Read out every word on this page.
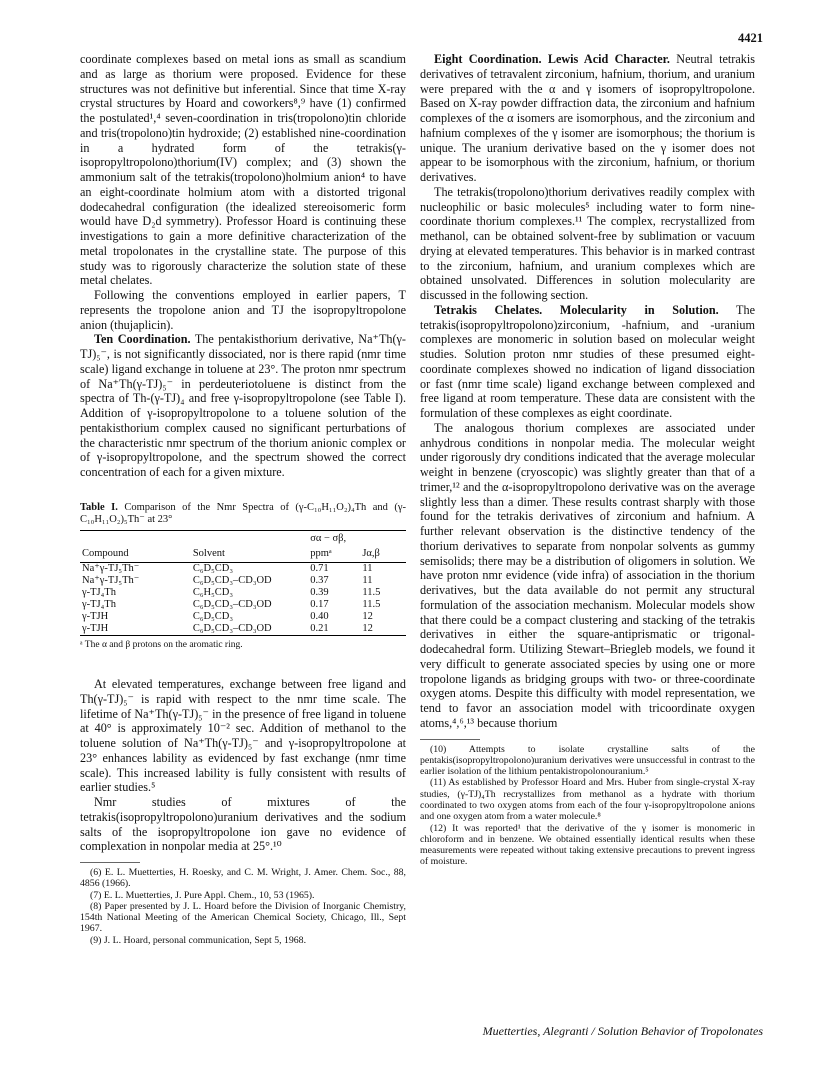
4421

coordinate complexes based on metal ions as small as scandium and as large as thorium were proposed. Evidence for these structures was not definitive but inferential. Since that time X-ray crystal structures by Hoard and coworkers⁸,⁹ have (1) confirmed the postulated¹,⁴ seven-coordination in tris(tropolono)tin chloride and tris(tropolono)tin hydroxide; (2) established nine-coordination in a hydrated form of the tetrakis(γ-isopropyltropolono)thorium(IV) complex; and (3) shown the ammonium salt of the tetrakis(tropolono)holmium anion⁴ to have an eight-coordinate holmium atom with a distorted trigonal dodecahedral configuration (the idealized stereoisomeric form would have D₂d symmetry). Professor Hoard is continuing these investigations to gain a more definitive characterization of the metal tropolonates in the crystalline state. The purpose of this study was to rigorously characterize the solution state of these metal chelates.

Following the conventions employed in earlier papers, T represents the tropolone anion and TJ the isopropyltropolone anion (thujaplicin).

Ten Coordination. The pentakisthorium derivative, Na⁺Th(γ-TJ)₅⁻, is not significantly dissociated, nor is there rapid (nmr time scale) ligand exchange in toluene at 23°. The proton nmr spectrum of Na⁺Th(γ-TJ)₅⁻ in perdeuteriotoluene is distinct from the spectra of Th-(γ-TJ)₄ and free γ-isopropyltropolone (see Table I). Addition of γ-isopropyltropolone to a toluene solution of the pentakisthorium complex caused no significant perturbations of the characteristic nmr spectrum of the thorium anionic complex or of γ-isopropyltropolone, and the spectrum showed the correct concentration of each for a given mixture.

Table I. Comparison of the Nmr Spectra of (γ-C₁₀H₁₁O₂)₄Th and (γ-C₁₀H₁₁O₂)₅Th⁻ at 23°
Compound	Solvent	σα − σβ, ppmᵃ	Jα,β
Na⁺γ-TJ₅Th⁻	C₆D₅CD₃	0.71	11
Na⁺γ-TJ₅Th⁻	C₆D₅CD₃–CD₃OD	0.37	11
γ-TJ₄Th	C₆H₅CD₃	0.39	11.5
γ-TJ₄Th	C₆D₅CD₃–CD₃OD	0.17	11.5
γ-TJH	C₆D₅CD₃	0.40	12
γ-TJH	C₆D₅CD₃–CD₃OD	0.21	12
ᵃ The α and β protons on the aromatic ring.

At elevated temperatures, exchange between free ligand and Th(γ-TJ)₅⁻ is rapid with respect to the nmr time scale. The lifetime of Na⁺Th(γ-TJ)₅⁻ in the presence of free ligand in toluene at 40° is approximately 10⁻² sec. Addition of methanol to the toluene solution of Na⁺Th(γ-TJ)₅⁻ and γ-isopropyltropolone at 23° enhances lability as evidenced by fast exchange (nmr time scale). This increased lability is fully consistent with results of earlier studies.⁵

Nmr studies of mixtures of the tetrakis(isopropyltropolono)uranium derivatives and the sodium salts of the isopropyltropolone ion gave no evidence of complexation in nonpolar media at 25°.¹⁰

(6) E. L. Muetterties, H. Roesky, and C. M. Wright, J. Amer. Chem. Soc., 88, 4856 (1966).

(7) E. L. Muetterties, J. Pure Appl. Chem., 10, 53 (1965).

(8) Paper presented by J. L. Hoard before the Division of Inorganic Chemistry, 154th National Meeting of the American Chemical Society, Chicago, Ill., Sept 1967.

(9) J. L. Hoard, personal communication, Sept 5, 1968.

Eight Coordination. Lewis Acid Character. Neutral tetrakis derivatives of tetravalent zirconium, hafnium, thorium, and uranium were prepared with the α and γ isomers of isopropyltropolone. Based on X-ray powder diffraction data, the zirconium and hafnium complexes of the α isomers are isomorphous, and the zirconium and hafnium complexes of the γ isomer are isomorphous; the thorium is unique. The uranium derivative based on the γ isomer does not appear to be isomorphous with the zirconium, hafnium, or thorium derivatives.

The tetrakis(tropolono)thorium derivatives readily complex with nucleophilic or basic molecules⁵ including water to form nine-coordinate thorium complexes.¹¹ The complex, recrystallized from methanol, can be obtained solvent-free by sublimation or vacuum drying at elevated temperatures. This behavior is in marked contrast to the zirconium, hafnium, and uranium complexes which are obtained unsolvated. Differences in solution molecularity are discussed in the following section.

Tetrakis Chelates. Molecularity in Solution. The tetrakis(isopropyltropolono)zirconium, -hafnium, and -uranium complexes are monomeric in solution based on molecular weight studies. Solution proton nmr studies of these presumed eight-coordinate complexes showed no indication of ligand dissociation or fast (nmr time scale) ligand exchange between complexed and free ligand at room temperature. These data are consistent with the formulation of these complexes as eight coordinate.

The analogous thorium complexes are associated under anhydrous conditions in nonpolar media. The molecular weight under rigorously dry conditions indicated that the average molecular weight in benzene (cryoscopic) was slightly greater than that of a trimer,¹² and the α-isopropyltropolono derivative was on the average slightly less than a dimer. These results contrast sharply with those found for the tetrakis derivatives of zirconium and hafnium. A further relevant observation is the distinctive tendency of the thorium derivatives to separate from nonpolar solvents as gummy semisolids; there may be a distribution of oligomers in solution. We have proton nmr evidence (vide infra) of association in the thorium derivatives, but the data available do not permit any structural formulation of the association mechanism. Molecular models show that there could be a compact clustering and stacking of the tetrakis derivatives in either the square-antiprismatic or trigonal-dodecahedral form. Utilizing Stewart–Briegleb models, we found it very difficult to generate associated species by using one or more tropolone ligands as bridging groups with two- or three-coordinate oxygen atoms. Despite this difficulty with model representation, we tend to favor an association model with tricoordinate oxygen atoms,⁴,⁶,¹³ because thorium

(10) Attempts to isolate crystalline salts of the pentakis(isopropyltropolono)uranium derivatives were unsuccessful in contrast to the earlier isolation of the lithium pentakistropolonouranium.⁵

(11) As established by Professor Hoard and Mrs. Huber from single-crystal X-ray studies, (γ-TJ)₄Th recrystallizes from methanol as a hydrate with thorium coordinated to two oxygen atoms from each of the four γ-isopropyltropolone anions and one oxygen atom from a water molecule.⁸

(12) It was reported¹ that the derivative of the γ isomer is monomeric in chloroform and in benzene. We obtained essentially identical results when these measurements were repeated without taking extensive precautions to prevent ingress of moisture.

Muetterties, Alegranti / Solution Behavior of Tropolonates
